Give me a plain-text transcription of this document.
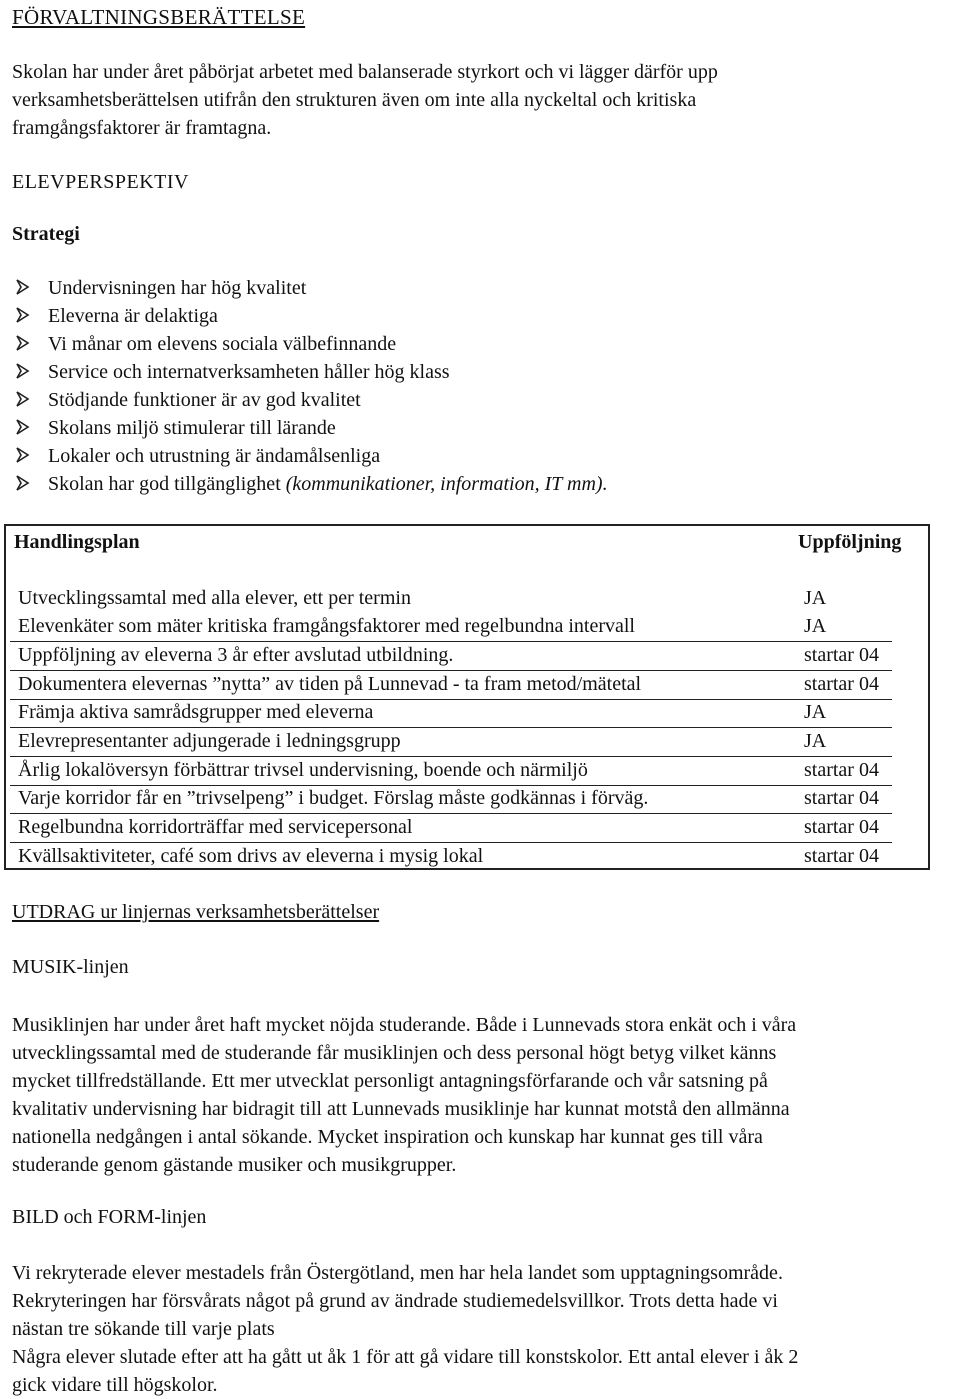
FÖRVALTNINGSBERÄTTELSE
Skolan har under året påbörjat arbetet med balanserade styrkort och vi lägger därför upp
verksamhetsberättelsen utifrån den strukturen även om inte alla nyckeltal och kritiska
framgångsfaktorer är framtagna.
ELEVPERSPEKTIV
Strategi
Undervisningen har hög kvalitet
Eleverna är delaktiga
Vi månar om elevens sociala välbefinnande
Service och internatverksamheten håller hög klass
Stödjande funktioner är av god kvalitet
Skolans miljö stimulerar till lärande
Lokaler och utrustning är ändamålsenliga
Skolan har god tillgänglighet (kommunikationer, information, IT mm).
Handlingsplan	Uppföljning
Utvecklingssamtal med alla elever, ett per termin	JA
Elevenkäter som mäter kritiska framgångsfaktorer med regelbundna intervall	JA
Uppföljning av eleverna 3 år efter avslutad utbildning.	startar 04
Dokumentera elevernas ”nytta” av tiden på Lunnevad - ta fram metod/mätetal	startar 04
Främja aktiva samrådsgrupper med eleverna	JA
Elevrepresentanter adjungerade i ledningsgrupp	JA
Årlig lokalöversyn förbättrar trivsel undervisning, boende och närmiljö	startar 04
Varje korridor får en ”trivselpeng” i budget. Förslag måste godkännas i förväg.	startar 04
Regelbundna korridorträffar med servicepersonal	startar 04
Kvällsaktiviteter, café som drivs av eleverna i mysig lokal	startar 04
UTDRAG ur linjernas verksamhetsberättelser
MUSIK-linjen
Musiklinjen har under året haft mycket nöjda studerande. Både i Lunnevads stora enkät och i våra
utvecklingssamtal med de studerande får musiklinjen och dess personal högt betyg vilket känns
mycket tillfredställande. Ett mer utvecklat personligt antagningsförfarande och vår satsning på
kvalitativ undervisning har bidragit till att Lunnevads musiklinje har kunnat motstå den allmänna
nationella nedgången i antal sökande. Mycket inspiration och kunskap har kunnat ges till våra
studerande genom gästande musiker och musikgrupper.
BILD och FORM-linjen
Vi rekryterade elever mestadels från Östergötland, men har hela landet som upptagningsområde.
Rekryteringen har försvårats något på grund av ändrade studiemedelsvillkor. Trots detta hade vi
nästan tre sökande till varje plats
Några elever slutade efter att ha gått ut åk 1 för att gå vidare till konstskolor. Ett antal elever i åk 2
gick vidare till högskolor.
